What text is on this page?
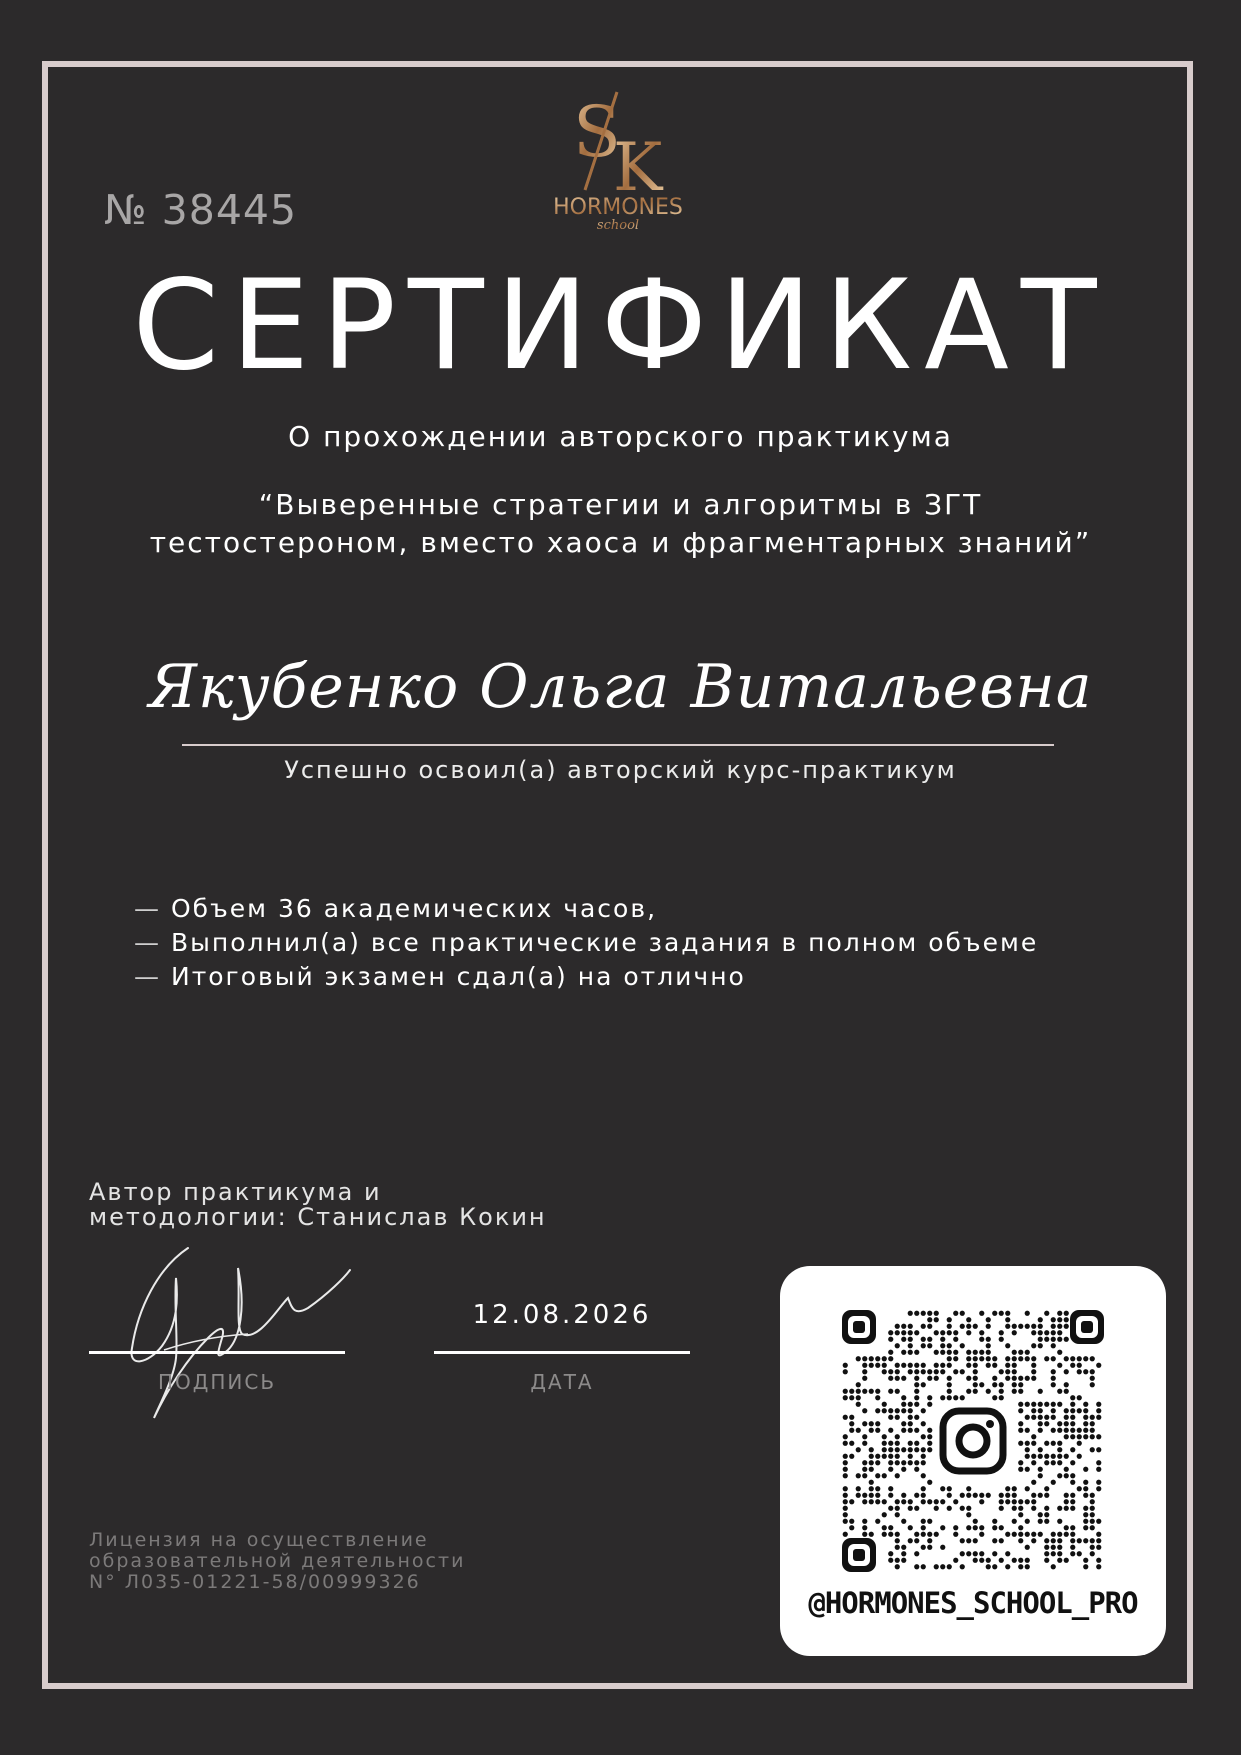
S
K
HORMONES
school
№ 38445
СЕРТИФИКАТ
О прохождении авторского практикума
“Выверенные стратегии и алгоритмы в ЗГТ
тестостероном, вместо хаоса и фрагментарных знаний”
Якубенко Ольга Витальевна
Успешно освоил(а) авторский курс-практикум
— Объем 36 академических часов,
— Выполнил(а) все практические задания в полном объеме
— Итоговый экзамен сдал(а) на отлично
Автор практикума и
методологии: Станислав Кокин
ПОДПИСЬ
12.08.2026
ДАТА
Лицензия на осуществление
образовательной деятельности
N° Л035-01221-58/00999326
@HORMONES_SCHOOL_PRO
